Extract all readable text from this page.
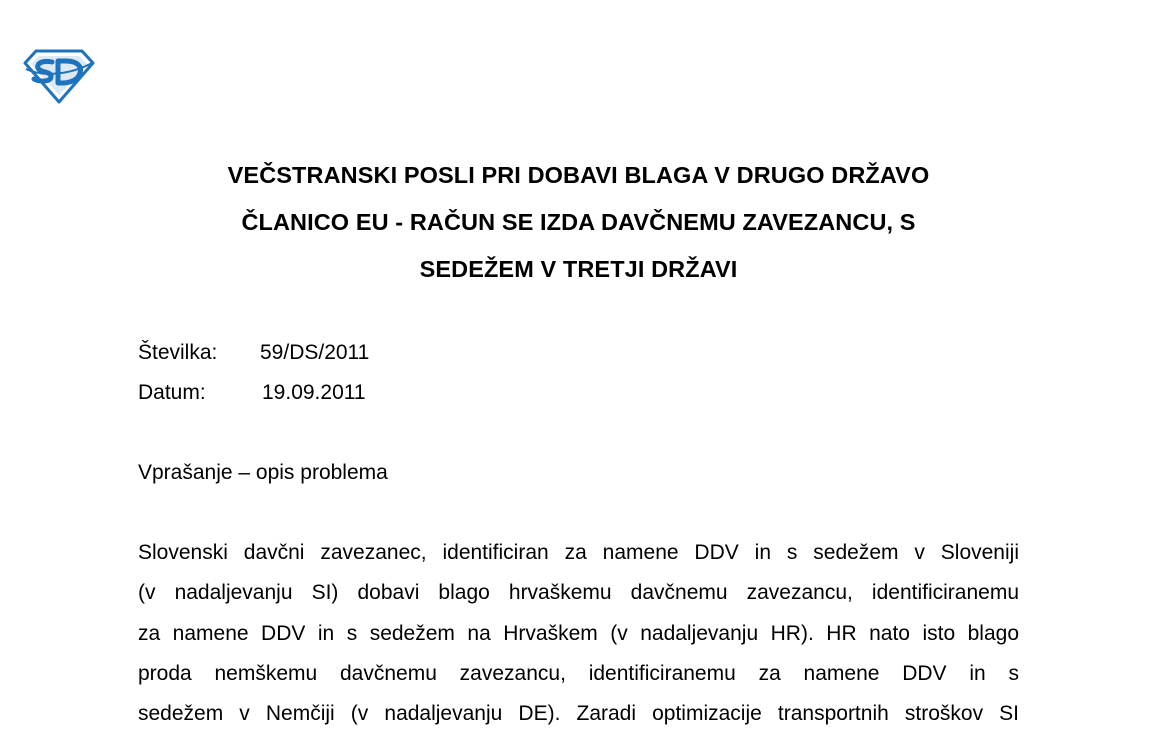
VEČSTRANSKI POSLI PRI DOBAVI BLAGA V DRUGO DRŽAVO
ČLANICO EU - RAČUN SE IZDA DAVČNEMU ZAVEZANCU, S
SEDEŽEM V TRETJI DRŽAVI
Številka: 59/DS/2011
Datum:	19.09.2011
Vprašanje – opis problema

Slovenski davčni zavezanec, identificiran za namene DDV in s sedežem v Sloveniji
(v nadaljevanju SI) dobavi blago hrvaškemu davčnemu zavezancu, identificiranemu
za namene DDV in s sedežem na Hrvaškem (v nadaljevanju HR). HR nato isto blago
proda nemškemu davčnemu zavezancu, identificiranemu za namene DDV in s
sedežem v Nemčiji (v nadaljevanju DE). Zaradi optimizacije transportnih stroškov SI
